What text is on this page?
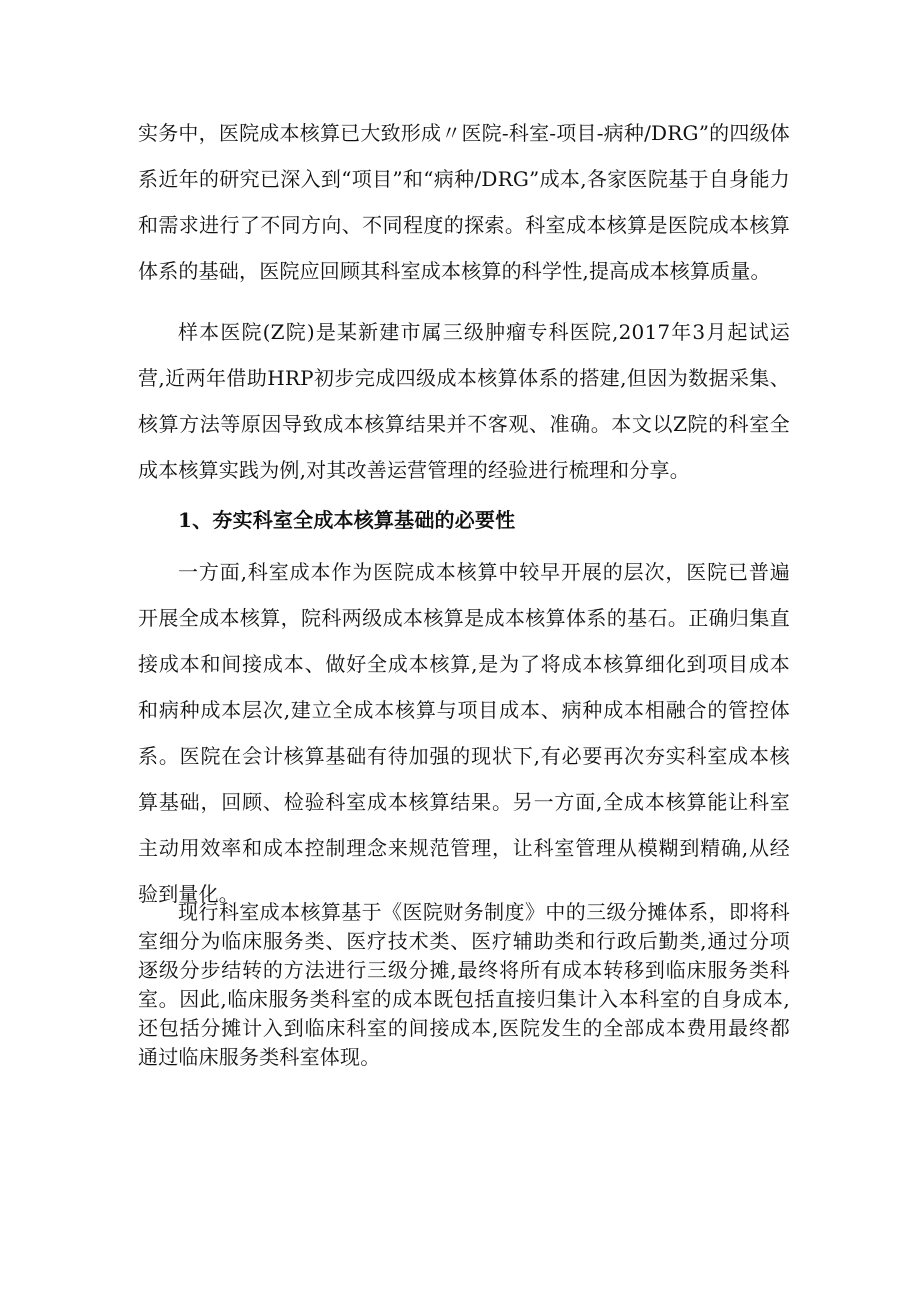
实务中，医院成本核算已大致形成〃医院-科室-项目-病种/DRG”的四级体系近年的研究已深入到“项目”和“病种/DRG”成本,各家医院基于自身能力和需求进行了不同方向、不同程度的探索。科室成本核算是医院成本核算体系的基础，医院应回顾其科室成本核算的科学性,提高成本核算质量。

样本医院(Z院)是某新建市属三级肿瘤专科医院,2017年3月起试运营,近两年借助HRP初步完成四级成本核算体系的搭建,但因为数据采集、核算方法等原因导致成本核算结果并不客观、准确。本文以Z院的科室全成本核算实践为例,对其改善运营管理的经验进行梳理和分享。

1、夯实科室全成本核算基础的必要性

一方面,科室成本作为医院成本核算中较早开展的层次，医院已普遍开展全成本核算，院科两级成本核算是成本核算体系的基石。正确归集直接成本和间接成本、做好全成本核算,是为了将成本核算细化到项目成本和病种成本层次,建立全成本核算与项目成本、病种成本相融合的管控体系。医院在会计核算基础有待加强的现状下,有必要再次夯实科室成本核算基础，回顾、检验科室成本核算结果。另一方面,全成本核算能让科室主动用效率和成本控制理念来规范管理，让科室管理从模糊到精确,从经验到量化。

现行科室成本核算基于《医院财务制度》中的三级分摊体系，即将科室细分为临床服务类、医疗技术类、医疗辅助类和行政后勤类,通过分项逐级分步结转的方法进行三级分摊,最终将所有成本转移到临床服务类科室。因此,临床服务类科室的成本既包括直接归集计入本科室的自身成本,还包括分摊计入到临床科室的间接成本,医院发生的全部成本费用最终都通过临床服务类科室体现。
